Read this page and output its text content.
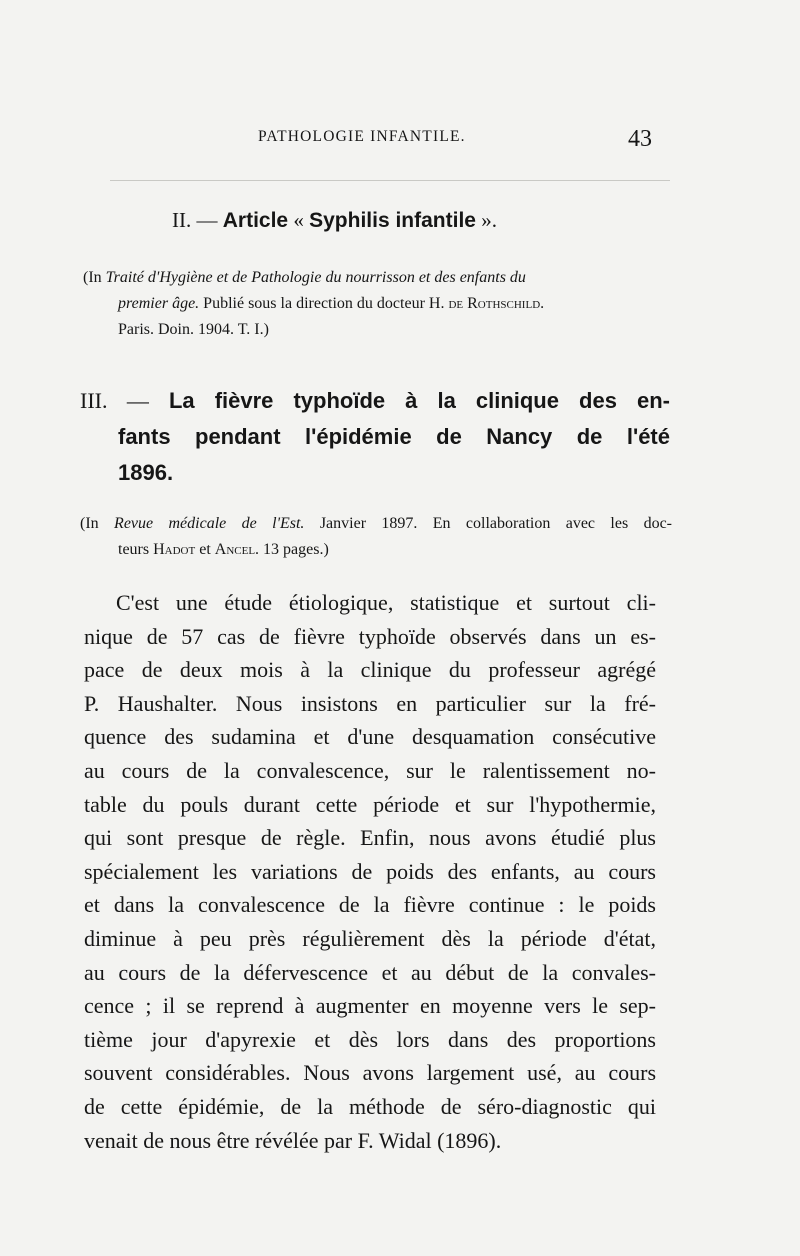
PATHOLOGIE INFANTILE.	43
II. — Article « Syphilis infantile ».
(In Traité d'Hygiène et de Pathologie du nourrisson et des enfants du
premier âge. Publié sous la direction du docteur H. de Rothschild.
Paris. Doin. 1904. T. I.)
III. — La fièvre typhoïde à la clinique des en-
fants pendant l'épidémie de Nancy de l'été
1896.
(In Revue médicale de l'Est. Janvier 1897. En collaboration avec les doc-
teurs Hadot et Ancel. 13 pages.)
C'est une étude étiologique, statistique et surtout cli-
nique de 57 cas de fièvre typhoïde observés dans un es-
pace de deux mois à la clinique du professeur agrégé
P. Haushalter. Nous insistons en particulier sur la fré-
quence des sudamina et d'une desquamation consécutive
au cours de la convalescence, sur le ralentissement no-
table du pouls durant cette période et sur l'hypothermie,
qui sont presque de règle. Enfin, nous avons étudié plus
spécialement les variations de poids des enfants, au cours
et dans la convalescence de la fièvre continue : le poids
diminue à peu près régulièrement dès la période d'état,
au cours de la défervescence et au début de la convales-
cence ; il se reprend à augmenter en moyenne vers le sep-
tième jour d'apyrexie et dès lors dans des proportions
souvent considérables. Nous avons largement usé, au cours
de cette épidémie, de la méthode de séro-diagnostic qui
venait de nous être révélée par F. Widal (1896).
